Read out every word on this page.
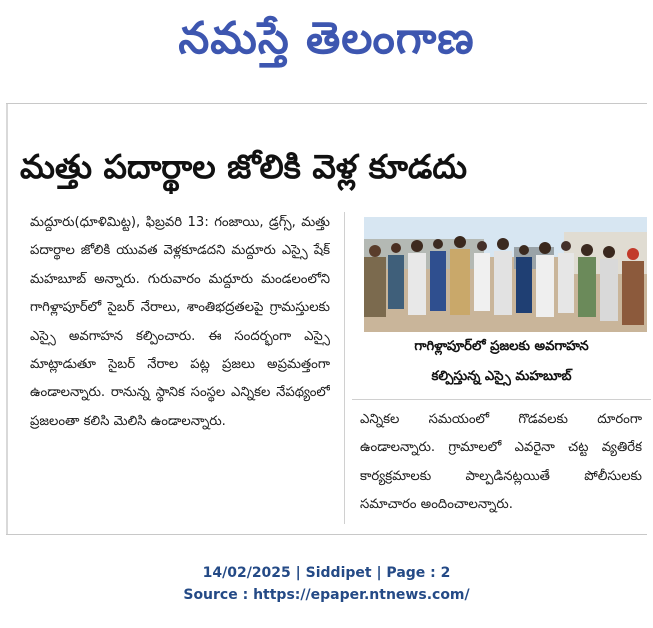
నమస్తే తెలంగాణ
మత్తు పదార్థాల జోలికి వెళ్ల కూడదు
మద్దూరు(ధూళిమిట్ట), ఫిబ్రవరి 13: గంజాయి, డ్రగ్స్, మత్తు పదార్థాల జోలికి యువత వెళ్లకూడదని మద్దూరు ఎస్సై షేక్ మహబూబ్ అన్నారు. గురువారం మద్దూరు మండలంలోని గాగిళ్లాపూర్‌లో సైబర్ నేరాలు, శాంతిభద్రతలపై గ్రామస్తులకు ఎస్సై అవగాహన కల్పించారు. ఈ సందర్భంగా ఎస్సై మాట్లాడుతూ సైబర్ నేరాల పట్ల ప్రజలు అప్రమత్తంగా ఉండాలన్నారు. రానున్న స్థానిక సంస్థల ఎన్నికల నేపథ్యంలో ప్రజలంతా కలిసి మెలిసి ఉండాలన్నారు.
గాగిళ్లాపూర్‌లో ప్రజలకు అవగాహన
కల్పిస్తున్న ఎస్సై మహబూబ్
ఎన్నికల సమయంలో గొడవలకు దూరంగా ఉండాలన్నారు. గ్రామాలలో ఎవరైనా చట్ట వ్యతిరేక కార్యక్రమాలకు పాల్పడినట్లయితే పోలీసులకు సమాచారం అందించాలన్నారు.
14/02/2025 | Siddipet | Page : 2
Source : https://epaper.ntnews.com/
